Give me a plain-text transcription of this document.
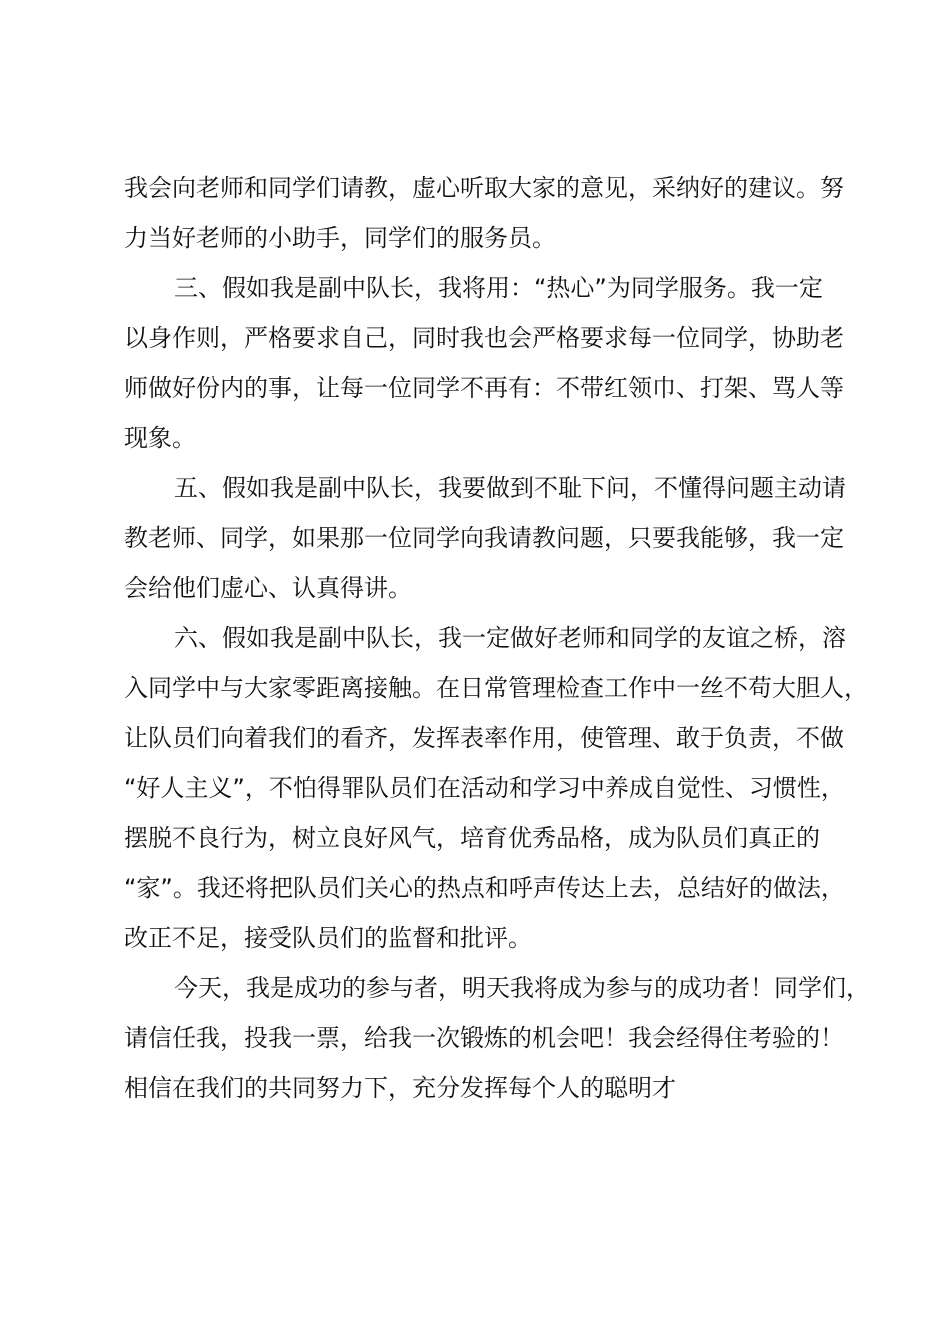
我会向老师和同学们请教，虚心听取大家的意见，采纳好的建议。努
力当好老师的小助手，同学们的服务员。

三、假如我是副中队长，我将用：“热心”为同学服务。我一定
以身作则，严格要求自己，同时我也会严格要求每一位同学，协助老
师做好份内的事，让每一位同学不再有：不带红领巾、打架、骂人等
现象。

五、假如我是副中队长，我要做到不耻下问，不懂得问题主动请
教老师、同学，如果那一位同学向我请教问题，只要我能够，我一定
会给他们虚心、认真得讲。

六、假如我是副中队长，我一定做好老师和同学的友谊之桥，溶
入同学中与大家零距离接触。在日常管理检查工作中一丝不苟大胆人，
让队员们向着我们的看齐，发挥表率作用，使管理、敢于负责，不做
“好人主义”，不怕得罪队员们在活动和学习中养成自觉性、习惯性，
摆脱不良行为，树立良好风气，培育优秀品格，成为队员们真正的
“家”。我还将把队员们关心的热点和呼声传达上去，总结好的做法，
改正不足，接受队员们的监督和批评。

今天，我是成功的参与者，明天我将成为参与的成功者！同学们，
请信任我，投我一票，给我一次锻炼的机会吧！我会经得住考验的！
相信在我们的共同努力下，充分发挥每个人的聪明才
